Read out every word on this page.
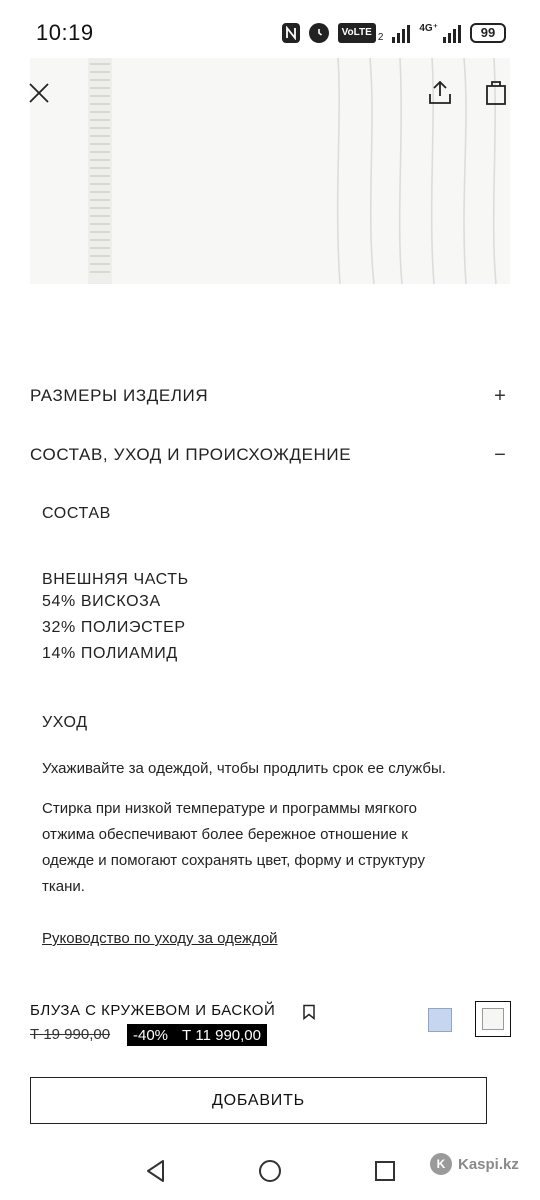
10:19	VoLTE 2
4G⁺	99
РАЗМЕРЫ ИЗДЕЛИЯ	+
СОСТАВ, УХОД И ПРОИСХОЖДЕНИЕ	−
СОСТАВ
ВНЕШНЯЯ ЧАСТЬ
54% ВИСКОЗА
32% ПОЛИЭСТЕР
14% ПОЛИАМИД
УХОД
Ухаживайте за одеждой, чтобы продлить срок ее службы.
Стирка при низкой температуре и программы мягкого
отжима обеспечивают более бережное отношение к
одежде и помогают сохранять цвет, форму и структуру
ткани.
Руководство по уходу за одеждой
БЛУЗА С КРУЖЕВОМ И БАСКОЙ
Т 19 990,00 -40% Т 11 990,00
ДОБАВИТЬ
K Kaspi.kz
